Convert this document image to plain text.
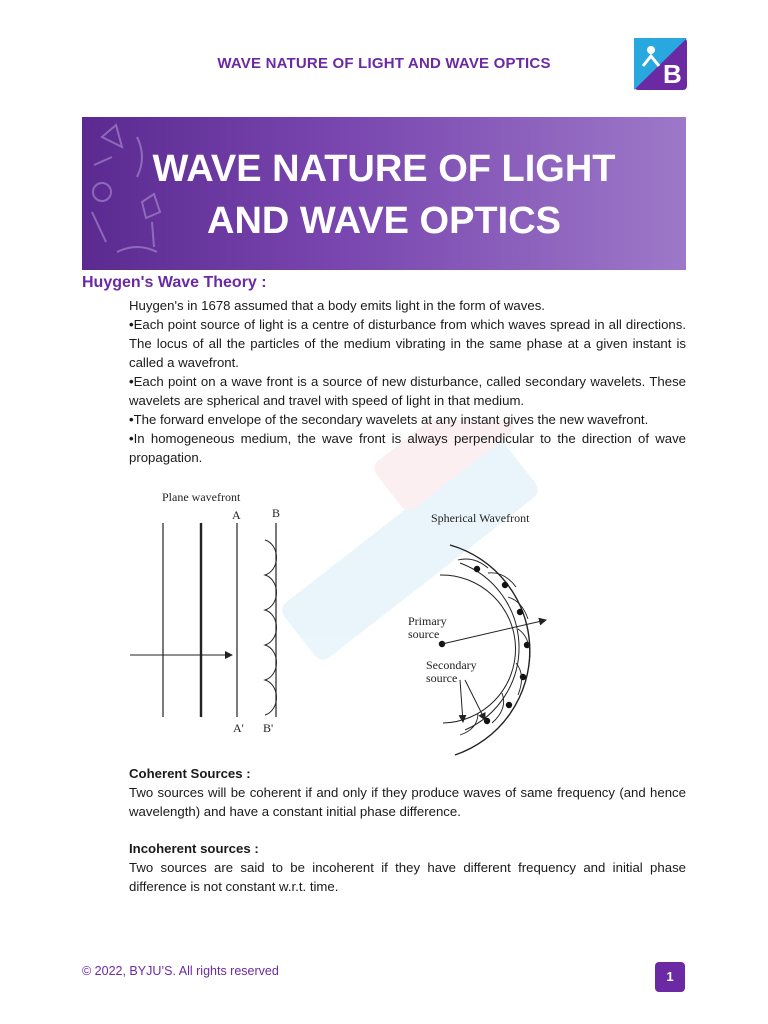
WAVE NATURE OF LIGHT AND WAVE OPTICS	B
WAVE NATURE OF LIGHT
AND WAVE OPTICS
Huygen's Wave Theory :

Huygen's in 1678 assumed that a body emits light in the form of waves.

• Each point source of light is a centre of disturbance from which waves spread in all directions. The locus of all the particles of the medium vibrating in the same phase at a given instant is called a wavefront.

• Each point on a wave front is a source of new disturbance, called secondary wavelets. These wavelets are spherical and travel with speed of light in that medium.

• The forward envelope of the secondary wavelets at any instant gives the new wavefront.

• In homogeneous medium, the wave front is always perpendicular to the direction of wave propagation.

Plane wavefront
A	B
A' B'
Spherical Wavefront
Primary
source
Secondary
source

Coherent Sources :

Two sources will be coherent if and only if they produce waves of same frequency (and hence wavelength) and have a constant initial phase difference.

Incoherent sources :

Two sources are said to be incoherent if they have different frequency and initial phase difference is not constant w.r.t. time.

© 2022, BYJU’S. All rights reserved	1
